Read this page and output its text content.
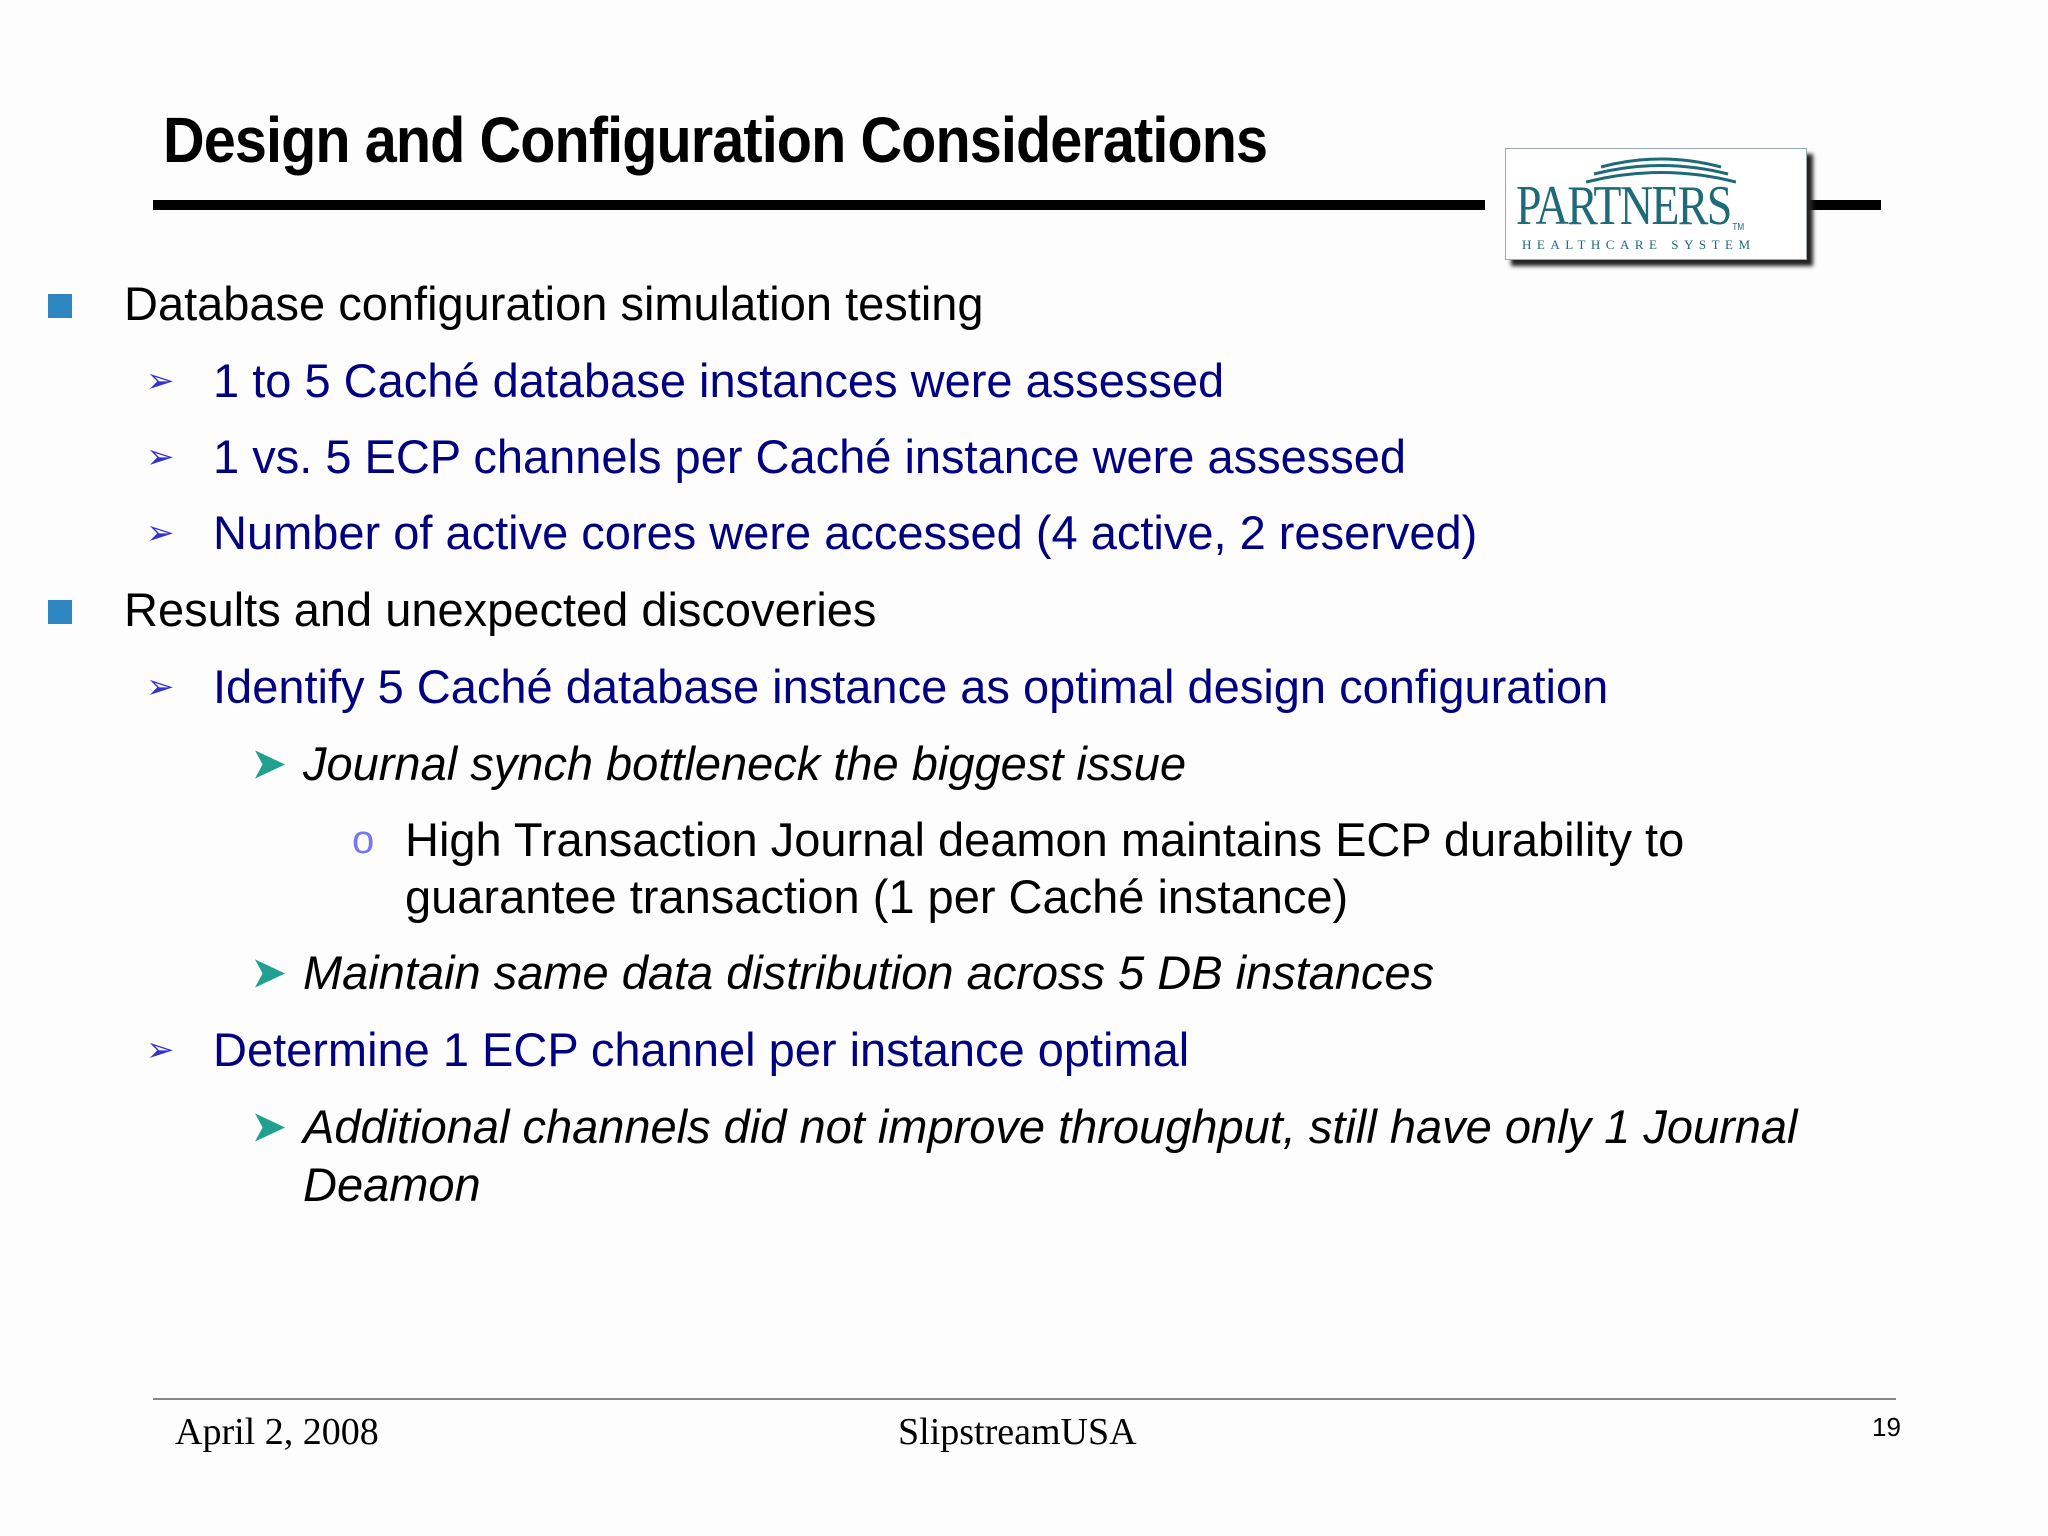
Design and Configuration Considerations
PARTNERS TM
HEALTHCARE SYSTEM
Database configuration simulation testing
➢ 1 to 5 Caché database instances were assessed
➢ 1 vs. 5 ECP channels per Caché instance were assessed
➢ Number of active cores were accessed (4 active, 2 reserved)
Results and unexpected discoveries
➢ Identify 5 Caché database instance as optimal design configuration
➤ Journal synch bottleneck the biggest issue
o High Transaction Journal deamon maintains ECP durability to
guarantee transaction (1 per Caché instance)
➤ Maintain same data distribution across 5 DB instances
➢ Determine 1 ECP channel per instance optimal
➤ Additional channels did not improve throughput, still have only 1 Journal
Deamon
April 2, 2008	SlipstreamUSA	19
